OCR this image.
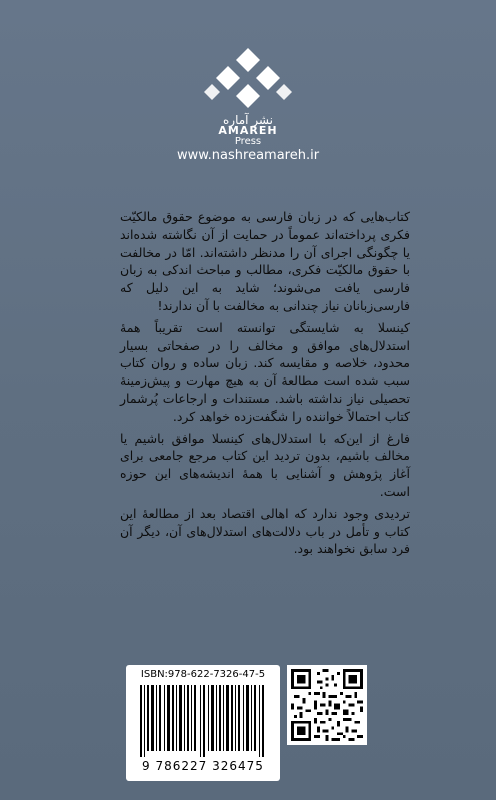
نشر آماره
AMAREH
Press
www.nashreamareh.ir

کتاب‌هایی که در زبان فارسی به موضوع حقوق مالکیّت فکری پرداخته‌اند عموماً در حمایت از آن نگاشته شده‌اند یا چگونگی اجرای آن را مدنظر داشته‌اند. امّا در مخالفت با حقوق مالکیّت فکری، مطالب و مباحث اندکی به زبان فارسی یافت می‌شوند؛ شاید به این دلیل که فارسی‌زبانان نیاز چندانی به مخالفت با آن ندارند!

کینسلا به شایستگی توانسته است تقریباً همهٔ استدلال‌های موافق و مخالف را در صفحاتی بسیار محدود، خلاصه و مقایسه کند. زبان ساده و روان کتاب سبب شده است مطالعهٔ آن به هیچ مهارت و پیش‌زمینهٔ تحصیلی نیاز نداشته باشد. مستندات و ارجاعات پُرشمار کتاب احتمالاً خواننده را شگفت‌زده خواهد کرد.

فارغ از این‌که با استدلال‌های کینسلا موافق باشیم یا مخالف باشیم، بدون تردید این کتاب مرجع جامعی برای آغاز پژوهش و آشنایی با همهٔ اندیشه‌های این حوزه است.

تردیدی وجود ندارد که اهالی اقتصاد بعد از مطالعهٔ این کتاب و تأمل در باب دلالت‌های استدلال‌های آن، دیگر آن فرد سابق نخواهند بود.

ISBN:978-622-7326-47-5
9 786227 326475
